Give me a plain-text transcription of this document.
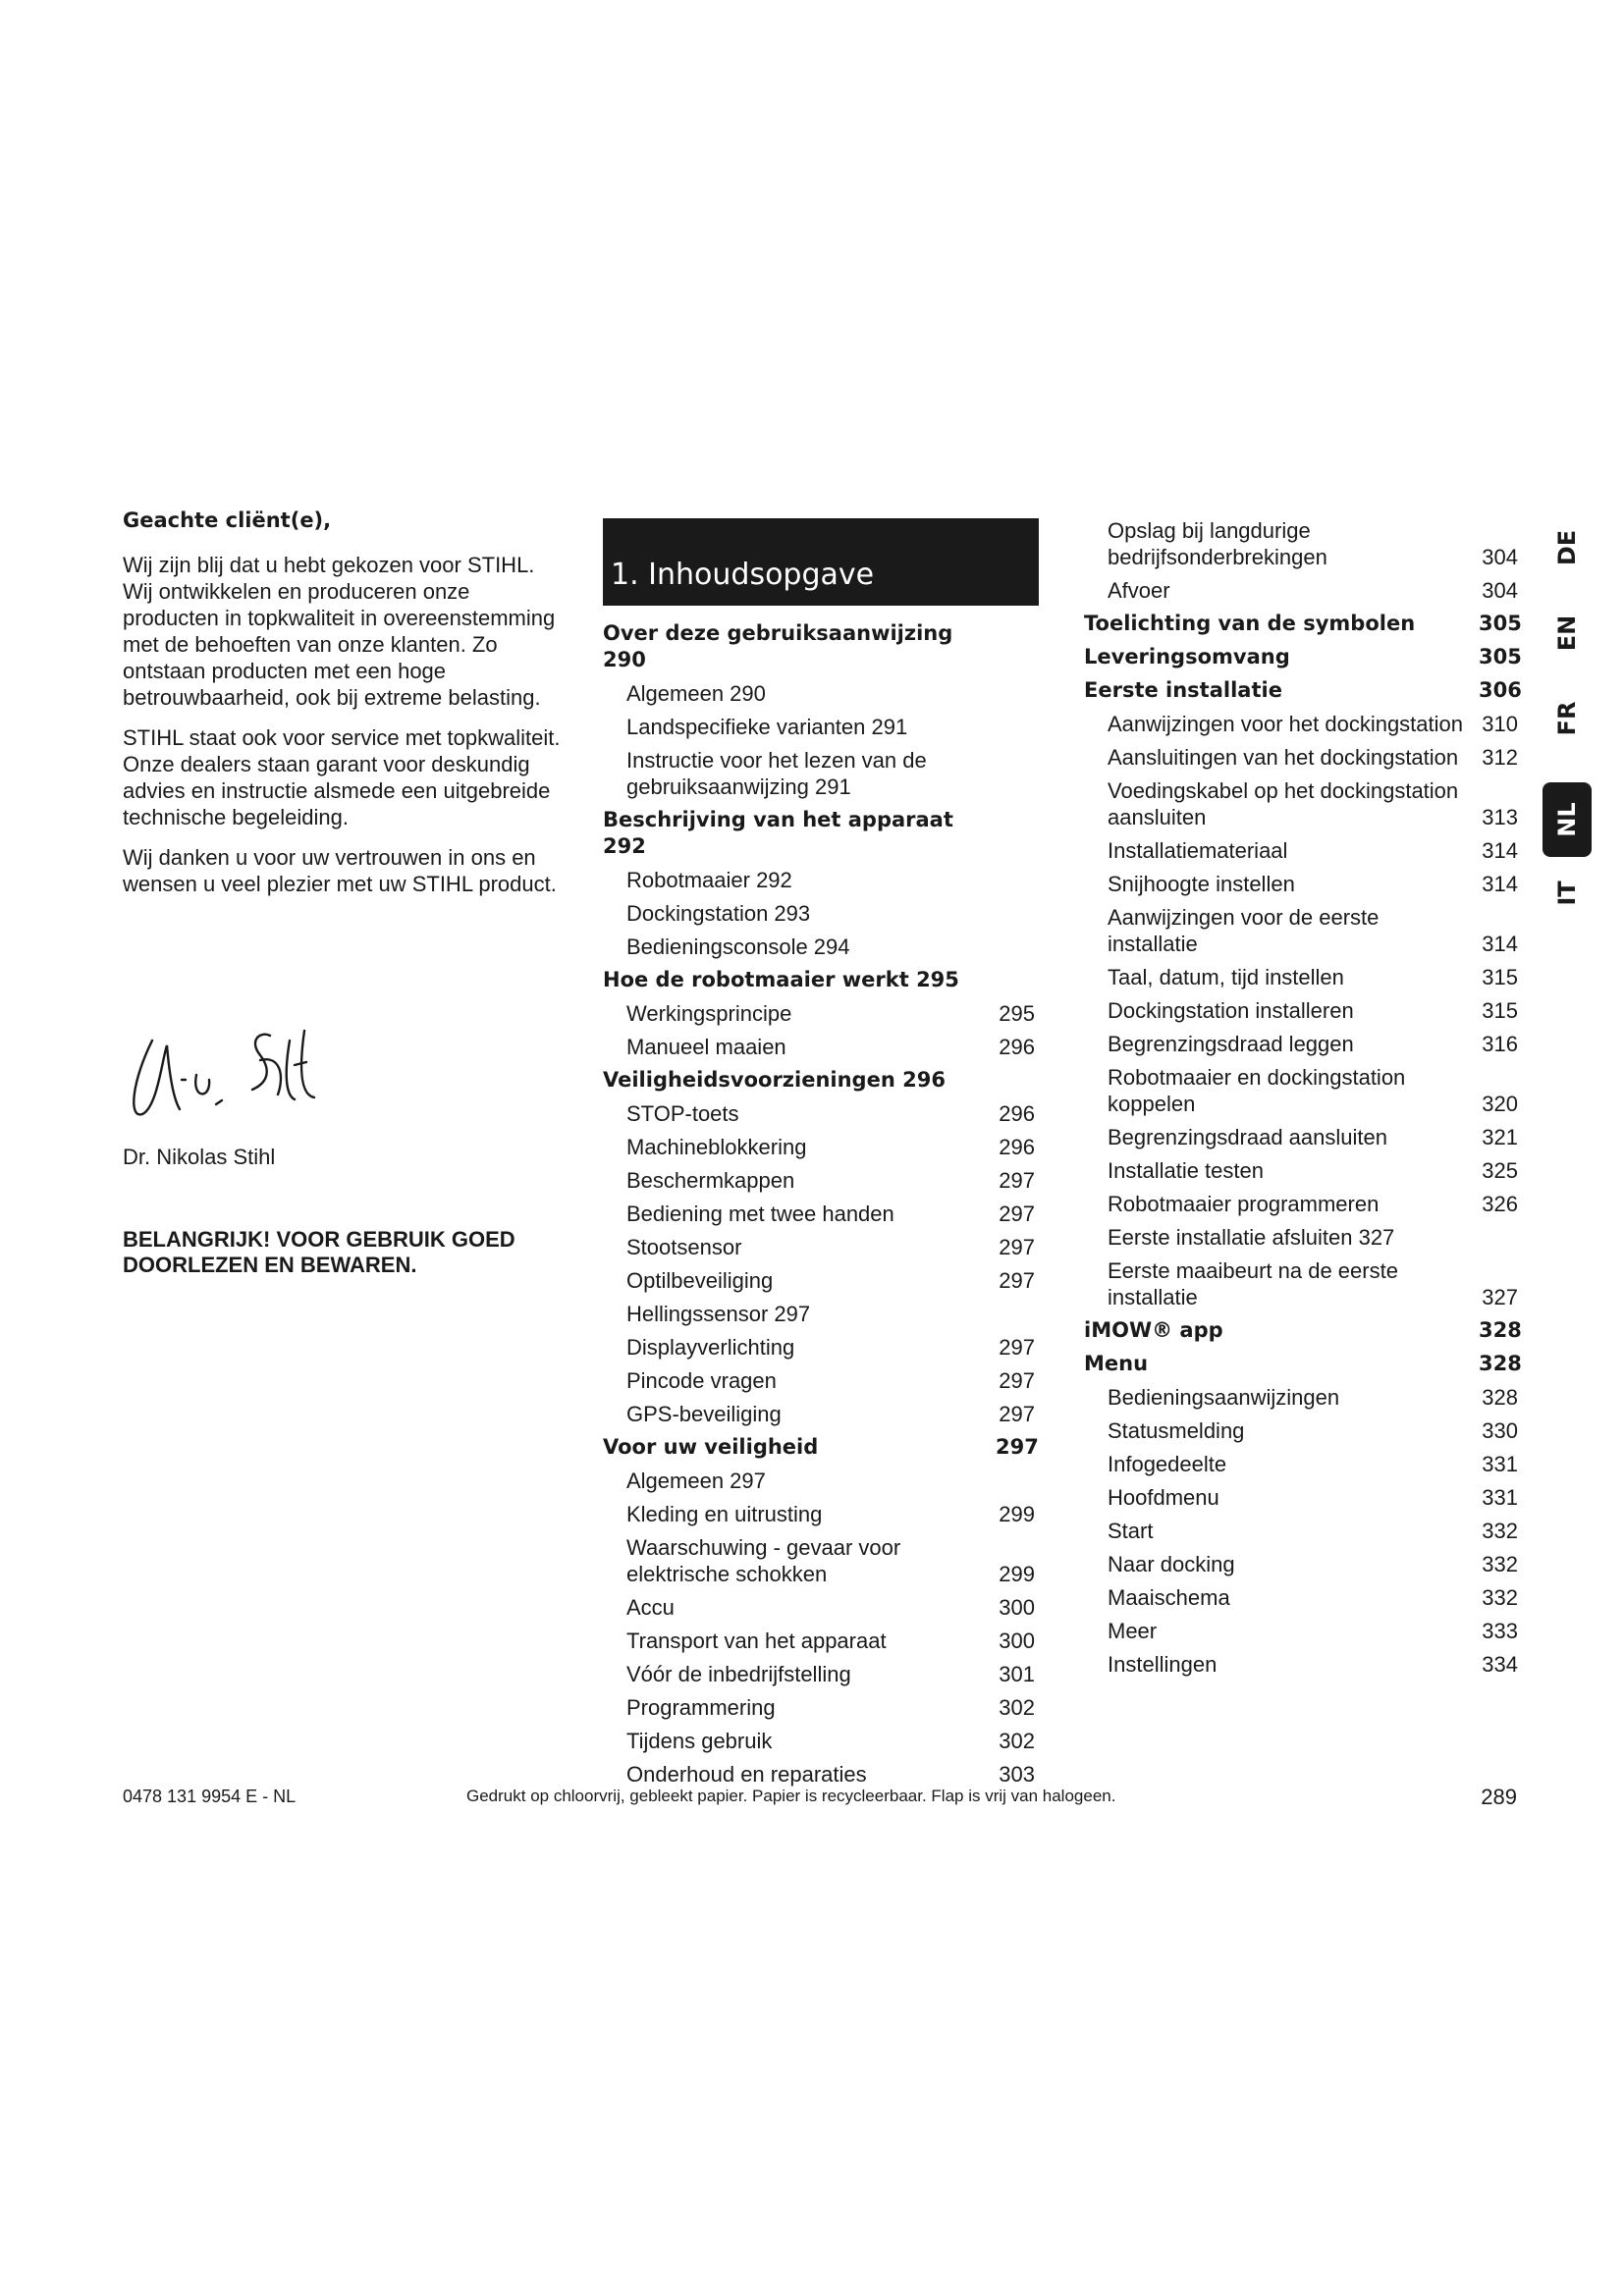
Geachte cliënt(e),

Wij zijn blij dat u hebt gekozen voor STIHL. Wij ontwikkelen en produceren onze producten in topkwaliteit in overeenstemming met de behoeften van onze klanten. Zo ontstaan producten met een hoge betrouwbaarheid, ook bij extreme belasting.

STIHL staat ook voor service met topkwaliteit. Onze dealers staan garant voor deskundig advies en instructie alsmede een uitgebreide technische begeleiding.

Wij danken u voor uw vertrouwen in ons en wensen u veel plezier met uw STIHL product.

Dr. Nikolas Stihl
BELANGRIJK! VOOR GEBRUIK GOED DOORLEZEN EN BEWAREN.
1. Inhoudsopgave
Over deze gebruiksaanwijzing 290
Algemeen 290
Landspecifieke varianten 291
Instructie voor het lezen van de gebruiksaanwijzing 291
Beschrijving van het apparaat 292
Robotmaaier 292
Dockingstation 293
Bedieningsconsole 294
Hoe de robotmaaier werkt 295
Werkingsprincipe	295
Manueel maaien	296
Veiligheidsvoorzieningen 296
STOP-toets	296
Machineblokkering	296
Beschermkappen	297
Bediening met twee handen	297
Stootsensor	297
Optilbeveiliging	297
Hellingssensor 297
Displayverlichting	297
Pincode vragen	297
GPS-beveiliging	297
Voor uw veiligheid	297
Algemeen 297
Kleding en uitrusting	299
Waarschuwing - gevaar voor elektrische schokken	299
Accu	300
Transport van het apparaat	300
Vóór de inbedrijfstelling	301
Programmering	302
Tijdens gebruik	302
Onderhoud en reparaties	303
Opslag bij langdurige bedrijfsonderbrekingen	304
Afvoer	304
Toelichting van de symbolen	305
Leveringsomvang	305
Eerste installatie	306
Aanwijzingen voor het dockingstation 310
Aansluitingen van het dockingstation	312
Voedingskabel op het dockingstation aansluiten	313
Installatiemateriaal	314
Snijhoogte instellen	314
Aanwijzingen voor de eerste installatie	314
Taal, datum, tijd instellen	315
Dockingstation installeren	315
Begrenzingsdraad leggen	316
Robotmaaier en dockingstation koppelen	320
Begrenzingsdraad aansluiten	321
Installatie testen	325
Robotmaaier programmeren	326
Eerste installatie afsluiten 327
Eerste maaibeurt na de eerste installatie	327
iMOW® app	328
Menu	328
Bedieningsaanwijzingen	328
Statusmelding	330
Infogedeelte	331
Hoofdmenu	331
Start	332
Naar docking	332
Maaischema	332
Meer	333
Instellingen	334
DE
EN
FR
NL
IT
0478 131 9954 E - NL	Gedrukt op chloorvrij, gebleekt papier. Papier is recycleerbaar. Flap is vrij van halogeen.	289
